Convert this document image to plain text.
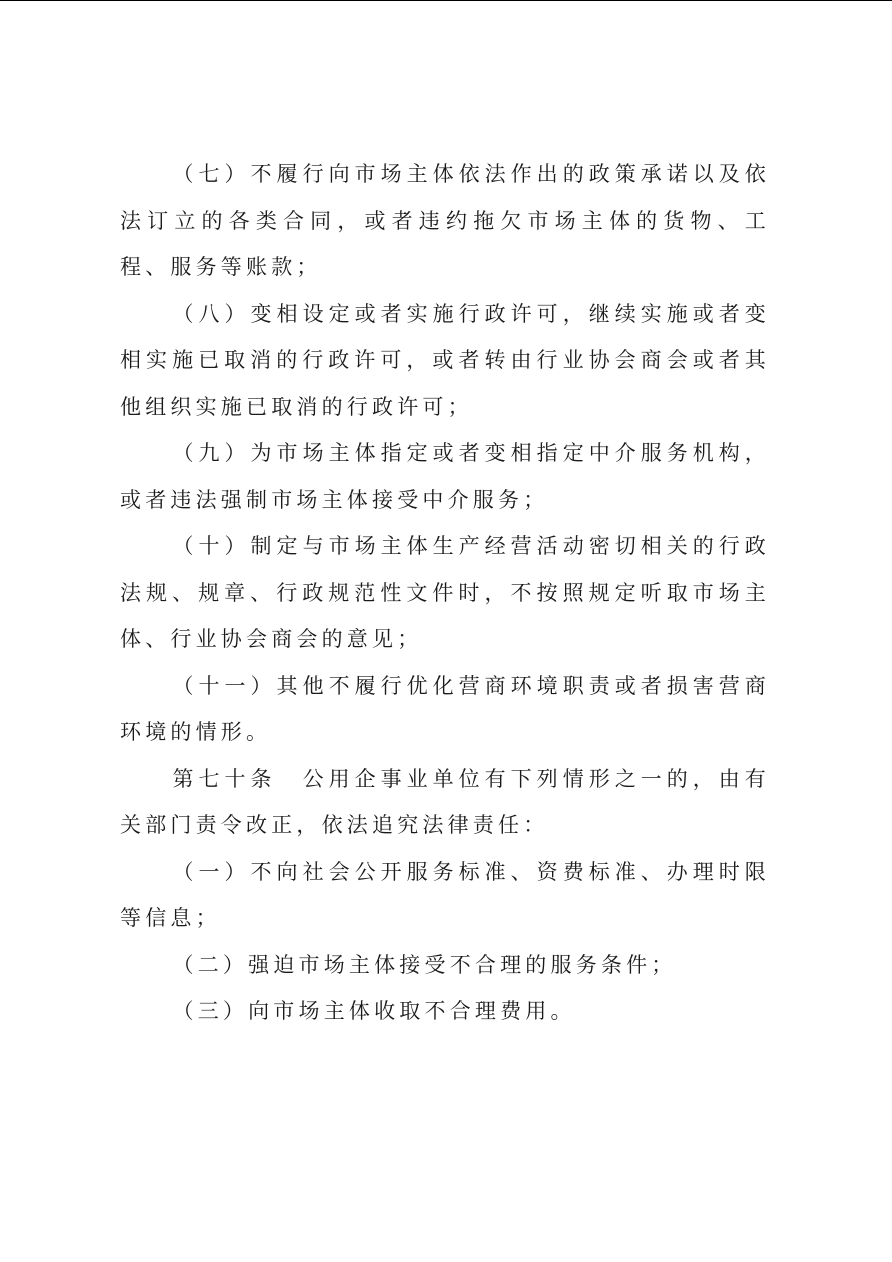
（七）不履行向市场主体依法作出的政策承诺以及依法订立的各类合同，或者违约拖欠市场主体的货物、工程、服务等账款；

（八）变相设定或者实施行政许可，继续实施或者变相实施已取消的行政许可，或者转由行业协会商会或者其他组织实施已取消的行政许可；

（九）为市场主体指定或者变相指定中介服务机构，或者违法强制市场主体接受中介服务；

（十）制定与市场主体生产经营活动密切相关的行政法规、规章、行政规范性文件时，不按照规定听取市场主体、行业协会商会的意见；

（十一）其他不履行优化营商环境职责或者损害营商环境的情形。

第七十条　公用企事业单位有下列情形之一的，由有关部门责令改正，依法追究法律责任：

（一）不向社会公开服务标准、资费标准、办理时限等信息；

（二）强迫市场主体接受不合理的服务条件；

（三）向市场主体收取不合理费用。
